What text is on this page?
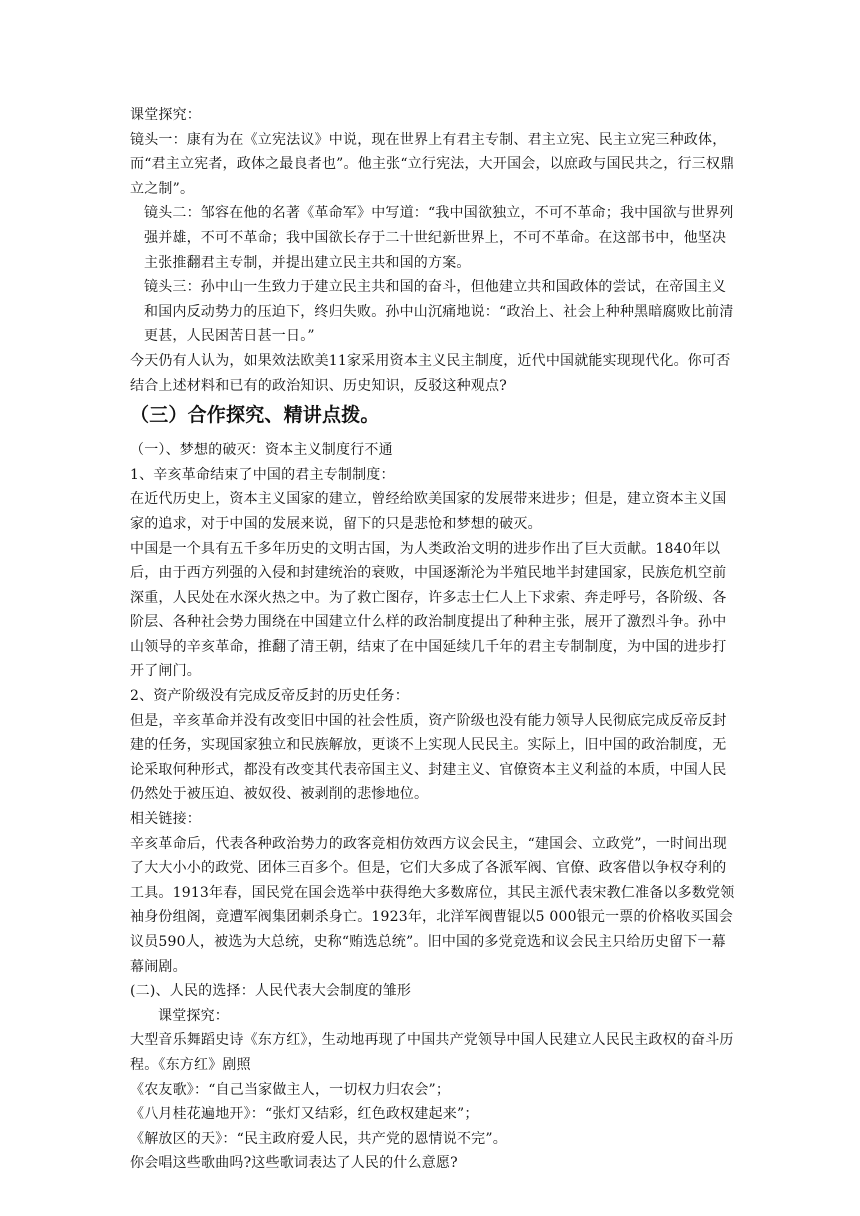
课堂探究：

镜头一：康有为在《立宪法议》中说，现在世界上有君主专制、君主立宪、民主立宪三种政体，而“君主立宪者，政体之最良者也”。他主张“立行宪法，大开国会，以庶政与国民共之，行三权鼎立之制”。

镜头二：邹容在他的名著《革命军》中写道：“我中国欲独立，不可不革命；我中国欲与世界列强并雄，不可不革命；我中国欲长存于二十世纪新世界上，不可不革命。在这部书中，他坚决主张推翻君主专制，并提出建立民主共和国的方案。

镜头三：孙中山一生致力于建立民主共和国的奋斗，但他建立共和国政体的尝试，在帝国主义和国内反动势力的压迫下，终归失败。孙中山沉痛地说：“政治上、社会上种种黑暗腐败比前清更甚，人民困苦日甚一日。”

今天仍有人认为，如果效法欧美11家采用资本主义民主制度，近代中国就能实现现代化。你可否结合上述材料和已有的政治知识、历史知识，反驳这种观点?

（三）合作探究、精讲点拨。

（一）、梦想的破灭：资本主义制度行不通

1、辛亥革命结束了中国的君主专制制度：

在近代历史上，资本主义国家的建立，曾经给欧美国家的发展带来进步；但是，建立资本主义国家的追求，对于中国的发展来说，留下的只是悲怆和梦想的破灭。

中国是一个具有五千多年历史的文明古国，为人类政治文明的进步作出了巨大贡献。1840年以后，由于西方列强的入侵和封建统治的衰败，中国逐渐沦为半殖民地半封建国家，民族危机空前深重，人民处在水深火热之中。为了救亡图存，许多志士仁人上下求索、奔走呼号，各阶级、各阶层、各种社会势力围绕在中国建立什么样的政治制度提出了种种主张，展开了激烈斗争。孙中山领导的辛亥革命，推翻了清王朝，结束了在中国延续几千年的君主专制制度，为中国的进步打开了闸门。

2、资产阶级没有完成反帝反封的历史任务：

但是，辛亥革命并没有改变旧中国的社会性质，资产阶级也没有能力领导人民彻底完成反帝反封建的任务，实现国家独立和民族解放，更谈不上实现人民民主。实际上，旧中国的政治制度，无论采取何种形式，都没有改变其代表帝国主义、封建主义、官僚资本主义利益的本质，中国人民仍然处于被压迫、被奴役、被剥削的悲惨地位。

相关链接：

辛亥革命后，代表各种政治势力的政客竞相仿效西方议会民主，“建国会、立政党”，一时间出现了大大小小的政党、团体三百多个。但是，它们大多成了各派军阀、官僚、政客借以争权夺利的工具。1913年春，国民党在国会选举中获得绝大多数席位，其民主派代表宋教仁准备以多数党领袖身份组阁，竟遭军阀集团刺杀身亡。1923年，北洋军阀曹锟以5 000银元一票的价格收买国会议员590人，被选为大总统，史称“贿选总统”。旧中国的多党竞选和议会民主只给历史留下一幕幕闹剧。

(二)、人民的选择：人民代表大会制度的雏形

课堂探究：

大型音乐舞蹈史诗《东方红》，生动地再现了中国共产党领导中国人民建立人民民主政权的奋斗历程。《东方红》剧照

《农友歌》：“自己当家做主人，一切权力归农会”；

《八月桂花遍地开》：“张灯又结彩，红色政权建起来”；

《解放区的天》：“民主政府爱人民，共产党的恩情说不完”。

你会唱这些歌曲吗?这些歌词表达了人民的什么意愿?
